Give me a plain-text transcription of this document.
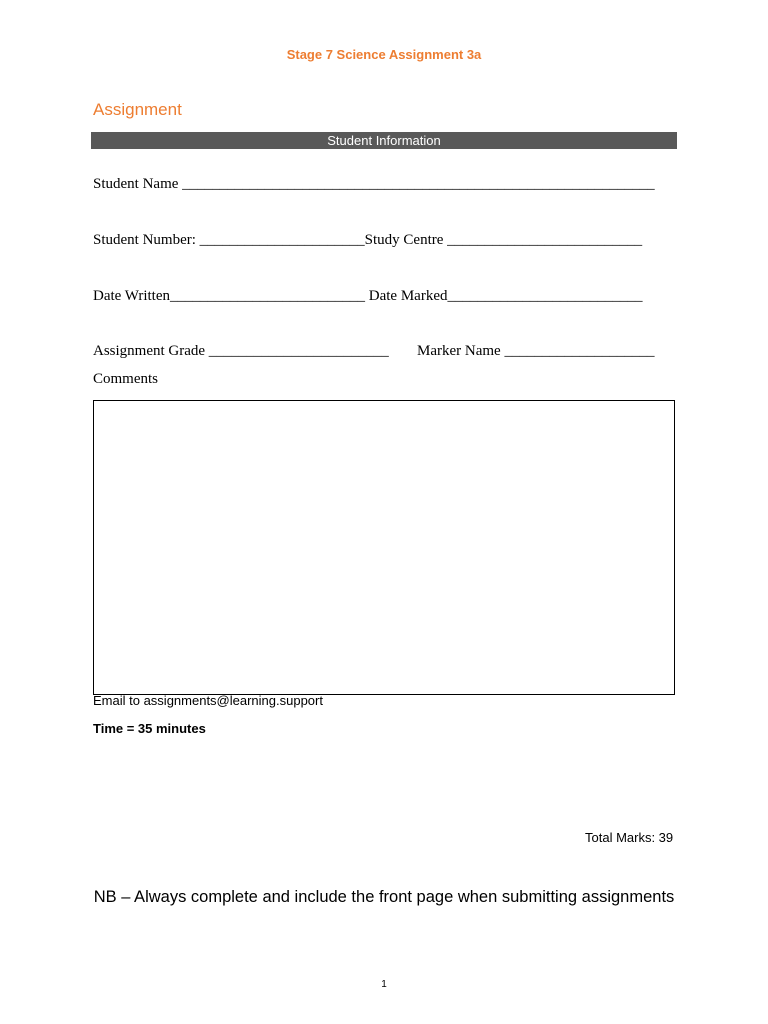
Stage 7 Science Assignment 3a
Assignment
Student Information
Student Name _______________________________________________________________
Student Number: ______________________Study Centre __________________________
Date Written__________________________ Date Marked__________________________
Assignment Grade ________________________ Marker Name ____________________
Comments
Email to assignments@learning.support
Time = 35 minutes
Total Marks: 39
NB – Always complete and include the front page when submitting assignments
1
